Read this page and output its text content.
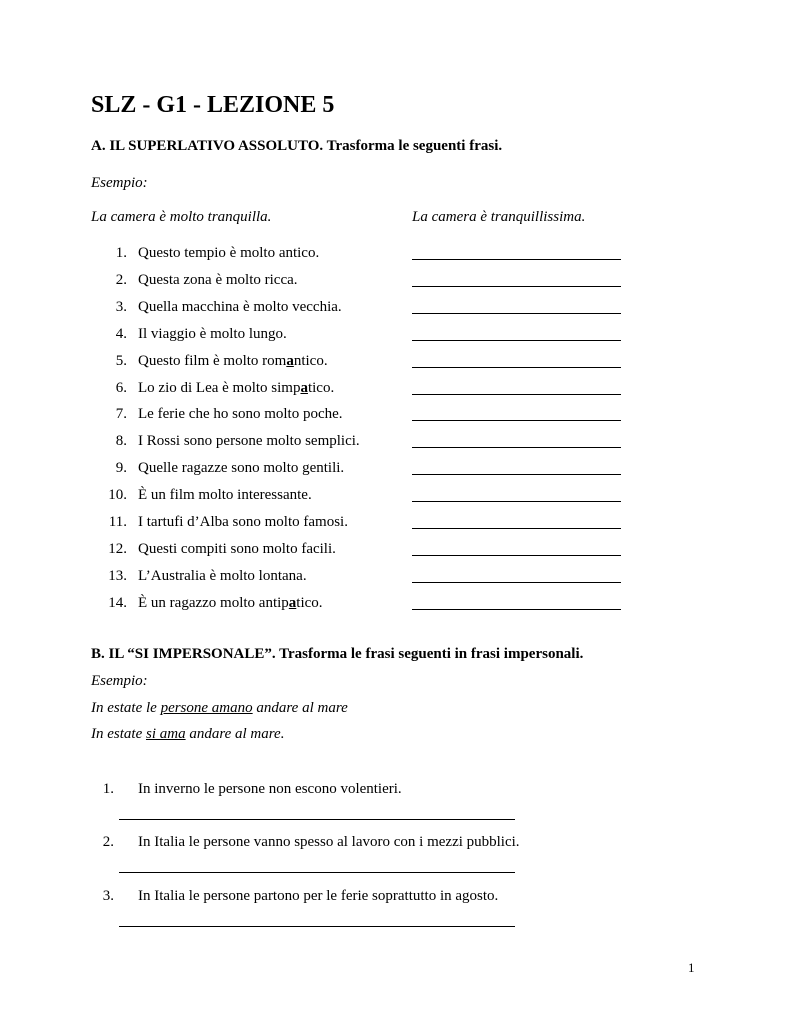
SLZ - G1 - LEZIONE 5

A. IL SUPERLATIVO ASSOLUTO. Trasforma le seguenti frasi.

Esempio:
La camera è molto tranquilla.	La camera è tranquillissima.
1. Questo tempio è molto antico.
2. Questa zona è molto ricca.
3. Quella macchina è molto vecchia.
4. Il viaggio è molto lungo.
5. Questo film è molto romantico.
6. Lo zio di Lea è molto simpatico.
7. Le ferie che ho sono molto poche.
8. I Rossi sono persone molto semplici.
9. Quelle ragazze sono molto gentili.
10. È un film molto interessante.
11. I tartufi d’Alba sono molto famosi.
12. Questi compiti sono molto facili.
13. L’Australia è molto lontana.
14. È un ragazzo molto antipatico.

B. IL “SI IMPERSONALE”. Trasforma le frasi seguenti in frasi impersonali.

Esempio:
In estate le persone amano andare al mare
In estate si ama andare al mare.
1. In inverno le persone non escono volentieri.
2. In Italia le persone vanno spesso al lavoro con i mezzi pubblici.
3. In Italia le persone partono per le ferie soprattutto in agosto.
1
